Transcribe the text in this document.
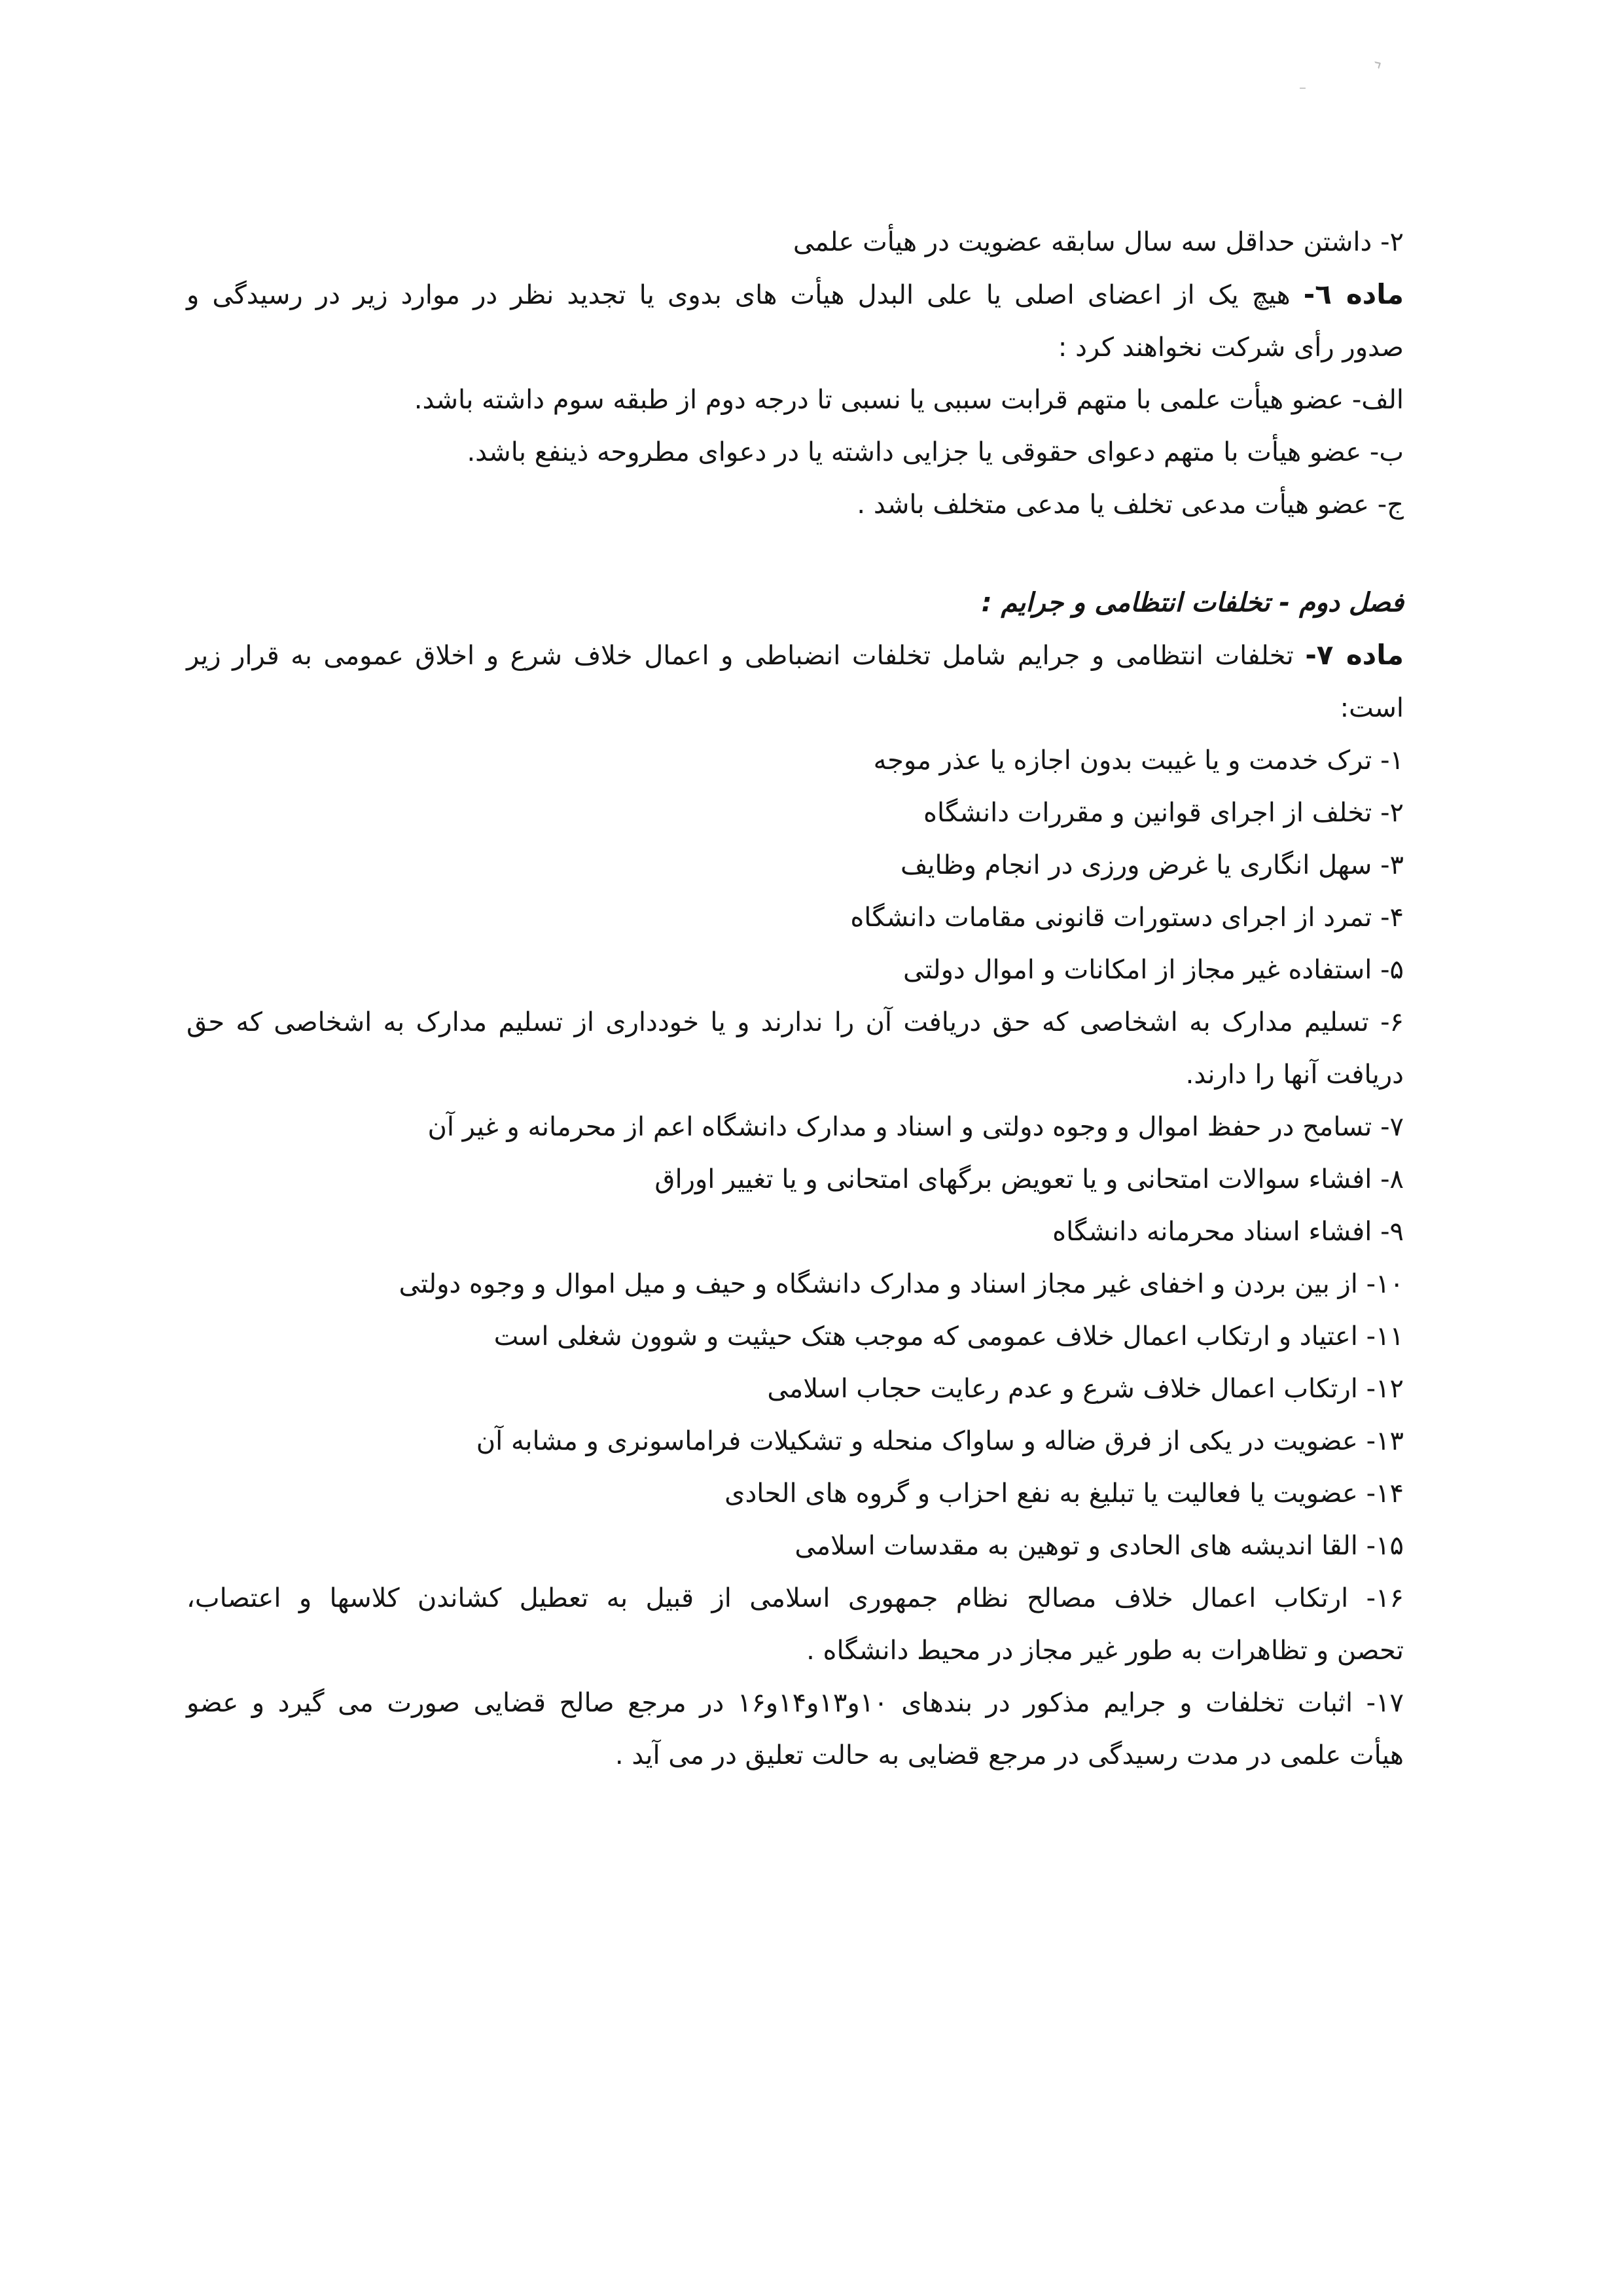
‹
–
۲- داشتن حداقل سه سال سابقه عضویت در هیأت علمی
ماده ٦- هیچ یک از اعضای اصلی یا علی البدل هیأت های بدوی یا تجدید نظر در موارد زیر در رسیدگی و
صدور رأی شرکت نخواهند کرد :
الف- عضو هیأت علمی با متهم قرابت سببی یا نسبی تا درجه دوم از طبقه سوم داشته باشد.
ب- عضو هیأت با متهم دعوای حقوقی یا جزایی داشته یا در دعوای مطروحه ذینفع باشد.
ج- عضو هیأت مدعی تخلف یا مدعی متخلف باشد .
فصل دوم - تخلفات انتظامی و جرایم :
ماده ۷- تخلفات انتظامی و جرایم شامل تخلفات انضباطی و اعمال خلاف شرع و اخلاق عمومی به قرار زیر
است:
۱- ترک خدمت و یا غیبت بدون اجازه یا عذر موجه
۲- تخلف از اجرای قوانین و مقررات دانشگاه
۳- سهل انگاری یا غرض ورزی در انجام وظایف
۴- تمرد از اجرای دستورات قانونی مقامات دانشگاه
۵- استفاده غیر مجاز از امکانات و اموال دولتی
۶- تسلیم مدارک به اشخاصی که حق دریافت آن را ندارند و یا خودداری از تسلیم مدارک به اشخاصی که حق
دریافت آنها را دارند.
۷- تسامح در حفظ اموال و وجوه دولتی و اسناد و مدارک دانشگاه اعم از محرمانه و غیر آن
۸- افشاء سوالات امتحانی و یا تعویض برگهای امتحانی و یا تغییر اوراق
۹- افشاء اسناد محرمانه دانشگاه
۱۰- از بین بردن و اخفای غیر مجاز اسناد و مدارک دانشگاه و حیف و میل اموال و وجوه دولتی
۱۱- اعتیاد و ارتکاب اعمال خلاف عمومی که موجب هتک حیثیت و شوون شغلی است
۱۲- ارتکاب اعمال خلاف شرع و عدم رعایت حجاب اسلامی
۱۳- عضویت در یکی از فرق ضاله و ساواک منحله و تشکیلات فراماسونری و مشابه آن
۱۴- عضویت یا فعالیت یا تبلیغ به نفع احزاب و گروه های الحادی
۱۵- القا اندیشه های الحادی و توهین به مقدسات اسلامی
۱۶- ارتکاب اعمال خلاف مصالح نظام جمهوری اسلامی از قبیل به تعطیل کشاندن کلاسها و اعتصاب،
تحصن و تظاهرات به طور غیر مجاز در محیط دانشگاه .
۱۷- اثبات تخلفات و جرایم مذکور در بندهای ۱۰و۱۳و۱۴و۱۶ در مرجع صالح قضایی صورت می گیرد و عضو
هیأت علمی در مدت رسیدگی در مرجع قضایی به حالت تعلیق در می آید .
